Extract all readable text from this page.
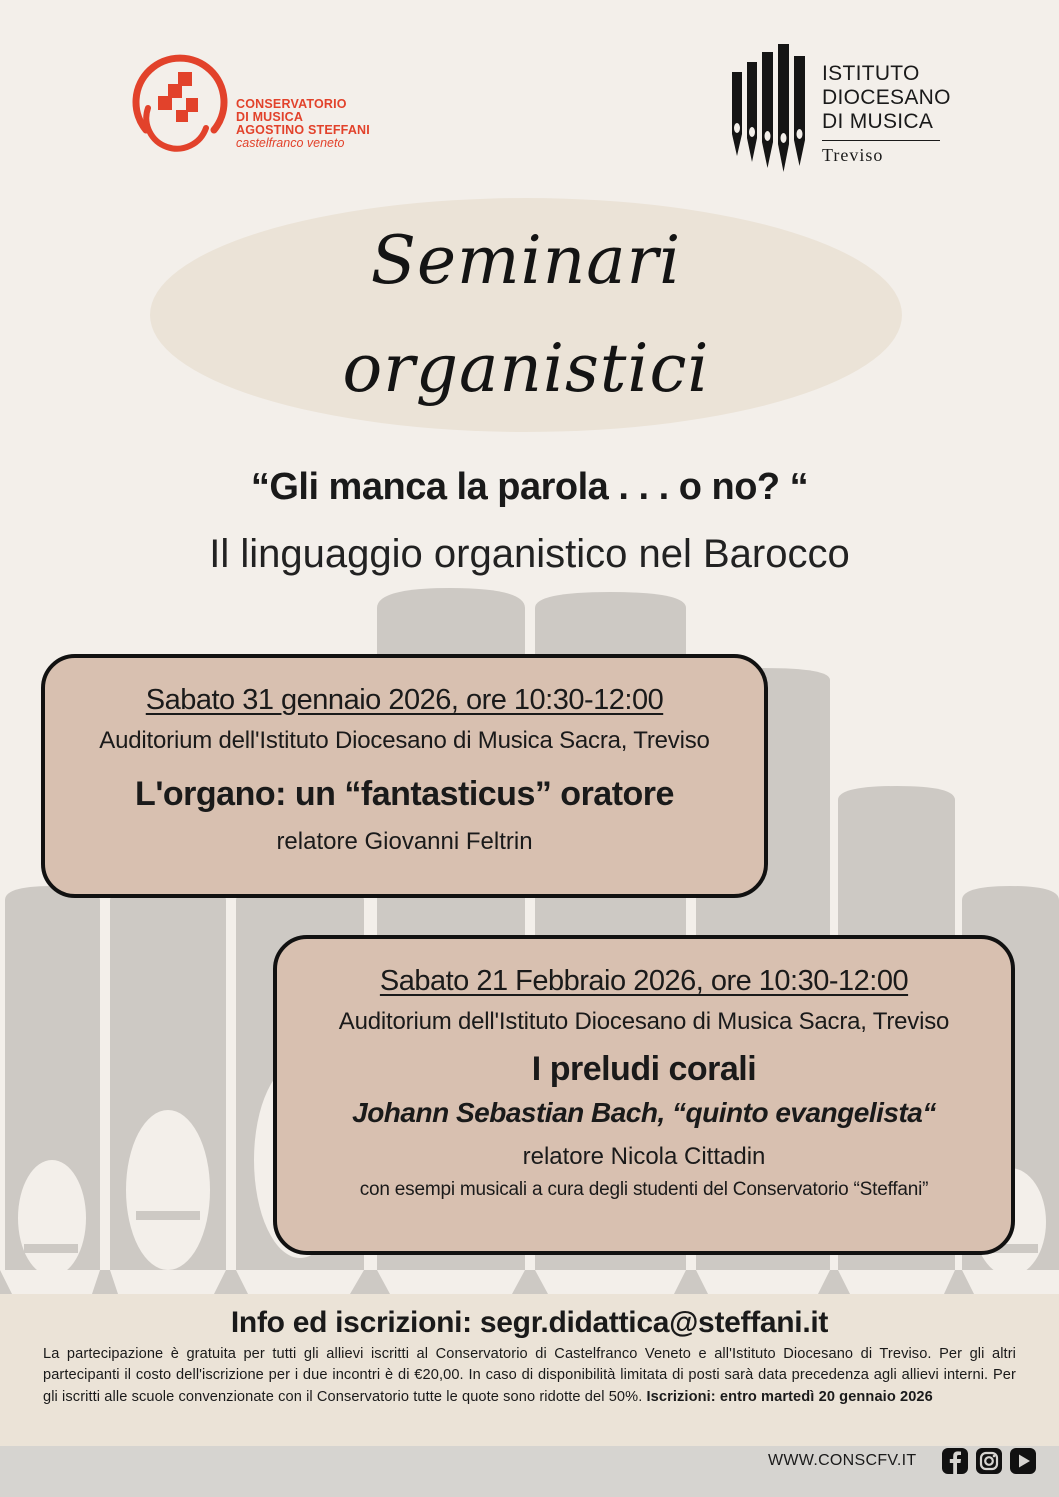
CONSERVATORIO
DI MUSICA
AGOSTINO STEFFANI
castelfranco veneto
ISTITUTO
DIOCESANO
DI MUSICA
Treviso
Seminari
organistici
“Gli manca la parola . . . o no? “
Il linguaggio organistico nel Barocco
Sabato 31 gennaio 2026, ore 10:30-12:00
Auditorium dell'Istituto Diocesano di Musica Sacra, Treviso
L'organo: un “fantasticus” oratore
relatore Giovanni Feltrin
Sabato 21 Febbraio 2026, ore 10:30-12:00
Auditorium dell'Istituto Diocesano di Musica Sacra, Treviso
I preludi corali
Johann Sebastian Bach, “quinto evangelista“
relatore Nicola Cittadin
con esempi musicali a cura degli studenti del Conservatorio “Steffani”
Info ed iscrizioni: segr.didattica@steffani.it
La partecipazione è gratuita per tutti gli allievi iscritti al Conservatorio di Castelfranco Veneto e all'Istituto Diocesano di Treviso. Per gli altri partecipanti il costo dell'iscrizione per i due incontri è di €20,00. In caso di disponibilità limitata di posti sarà data precedenza agli allievi interni. Per gli iscritti alle scuole convenzionate con il Conservatorio tutte le quote sono ridotte del 50%. Iscrizioni: entro martedì 20 gennaio 2026
WWW.CONSCFV.IT
